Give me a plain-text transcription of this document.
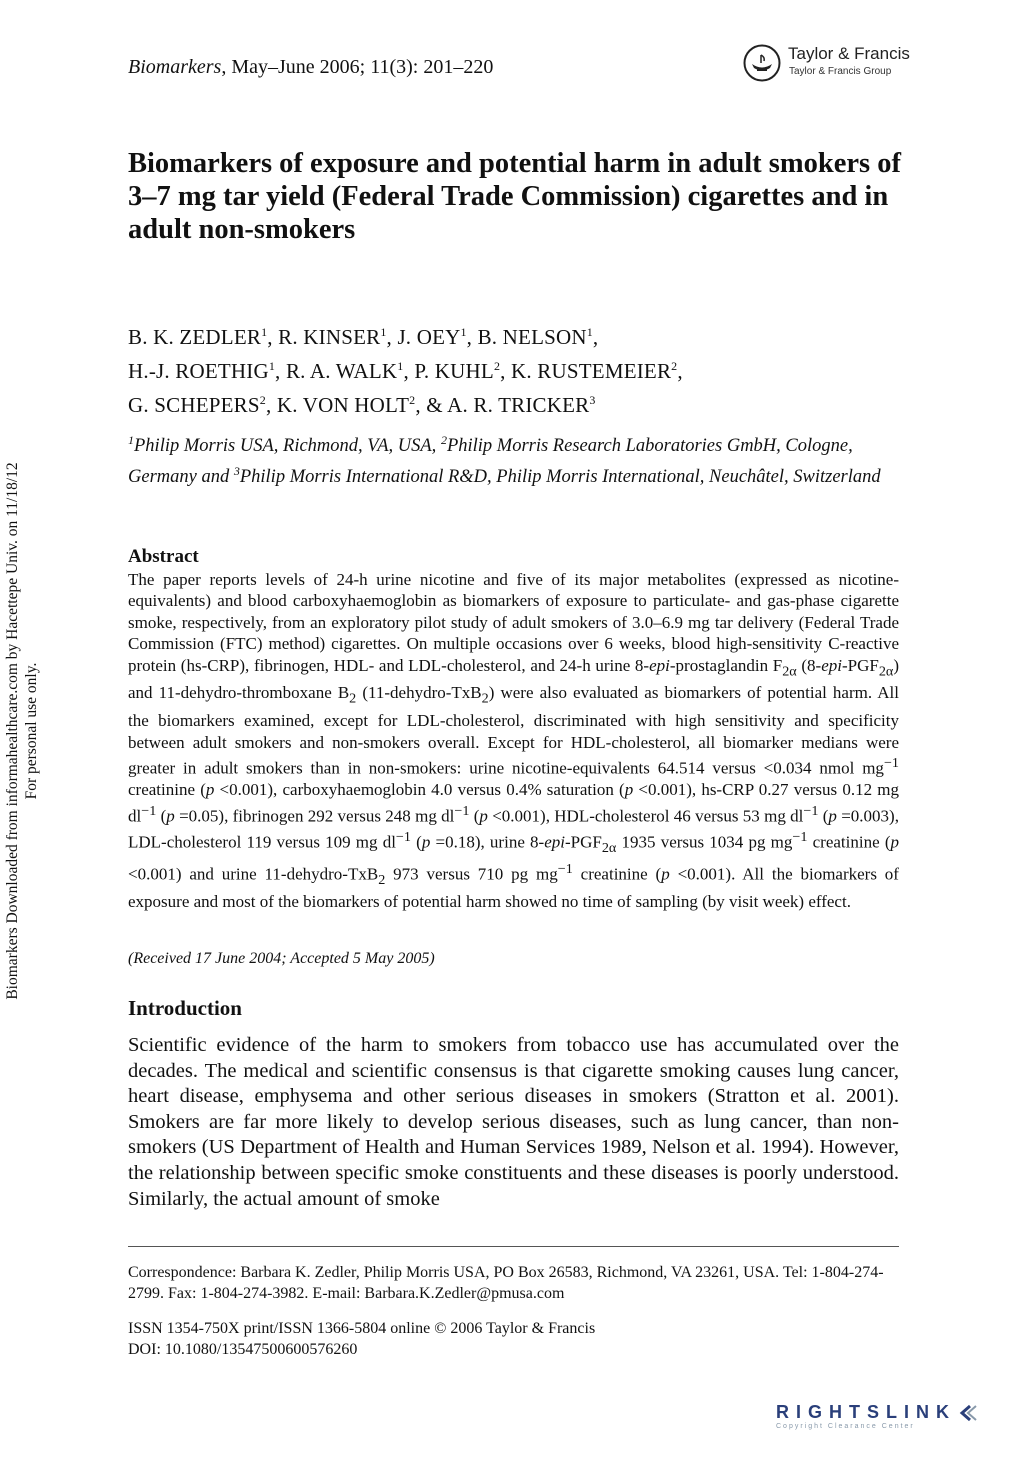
Biomarkers, May–June 2006; 11(3): 201–220
Taylor & Francis
Taylor & Francis Group
Biomarkers of exposure and potential harm in adult smokers of 3–7 mg tar yield (Federal Trade Commission) cigarettes and in adult non-smokers
B. K. ZEDLER$^1$, R. KINSER$^1$, J. OEY$^1$, B. NELSON$^1$,
H.-J. ROETHIG$^1$, R. A. WALK$^1$, P. KUHL$^2$, K. RUSTEMEIER$^2$,
G. SCHEPERS$^2$, K. VON HOLT$^2$, & A. R. TRICKER$^3$
$^1$Philip Morris USA, Richmond, VA, USA, $^2$Philip Morris Research Laboratories GmbH, Cologne, Germany and $^3$Philip Morris International R&D, Philip Morris International, Neuchâtel, Switzerland
Abstract
The paper reports levels of 24-h urine nicotine and five of its major metabolites (expressed as nicotine-equivalents) and blood carboxyhaemoglobin as biomarkers of exposure to particulate- and gas-phase cigarette smoke, respectively, from an exploratory pilot study of adult smokers of 3.0–6.9 mg tar delivery (Federal Trade Commission (FTC) method) cigarettes. On multiple occasions over 6 weeks, blood high-sensitivity C-reactive protein (hs-CRP), fibrinogen, HDL- and LDL-cholesterol, and 24-h urine 8-epi-prostaglandin $F_{2\alpha}$ $(8-epi-PGF_{2\alpha})$ and 11-dehydro-thromboxane $B_2$ (11-dehydro-TxB$_2$) were also evaluated as biomarkers of potential harm. All the biomarkers examined, except for LDL-cholesterol, discriminated with high sensitivity and specificity between adult smokers and non-smokers overall. Except for HDL-cholesterol, all biomarker medians were greater in adult smokers than in non-smokers: urine nicotine-equivalents 64.514 versus <0.034 nmol $mg^{-1}$ creatinine (p <0.001), carboxyhaemoglobin 4.0 versus 0.4% saturation (p <0.001), hs-CRP 0.27 versus 0.12 mg $dl^{-1}$ (p =0.05), fibrinogen 292 versus 248 mg $dl^{-1}$ (p <0.001), HDL-cholesterol 46 versus 53 mg $dl^{-1}$ (p =0.003), LDL-cholesterol 119 versus 109 mg $dl^{-1}$ (p =0.18), urine $8-epi-PGF_{2\alpha}$ 1935 versus 1034 pg $mg^{-1}$ creatinine (p <0.001) and urine 11-dehydro-TxB$_2$ 973 versus 710 pg $mg^{-1}$ creatinine (p <0.001). All the biomarkers of exposure and most of the biomarkers of potential harm showed no time of sampling (by visit week) effect.
(Received 17 June 2004; Accepted 5 May 2005)
Introduction
Scientific evidence of the harm to smokers from tobacco use has accumulated over the decades. The medical and scientific consensus is that cigarette smoking causes lung cancer, heart disease, emphysema and other serious diseases in smokers (Stratton et al. 2001). Smokers are far more likely to develop serious diseases, such as lung cancer, than non-smokers (US Department of Health and Human Services 1989, Nelson et al. 1994). However, the relationship between specific smoke constituents and these diseases is poorly understood. Similarly, the actual amount of smoke
Correspondence: Barbara K. Zedler, Philip Morris USA, PO Box 26583, Richmond, VA 23261, USA. Tel: 1-804-274-2799. Fax: 1-804-274-3982. E-mail: Barbara.K.Zedler@pmusa.com
ISSN 1354-750X print/ISSN 1366-5804 online © 2006 Taylor & Francis
DOI: 10.1080/13547500600576260
Biomarkers Downloaded from informahealthcare.com by Hacettepe Univ. on 11/18/12 For personal use only.
RIGHTSLINK
Copyright Clearance Center
